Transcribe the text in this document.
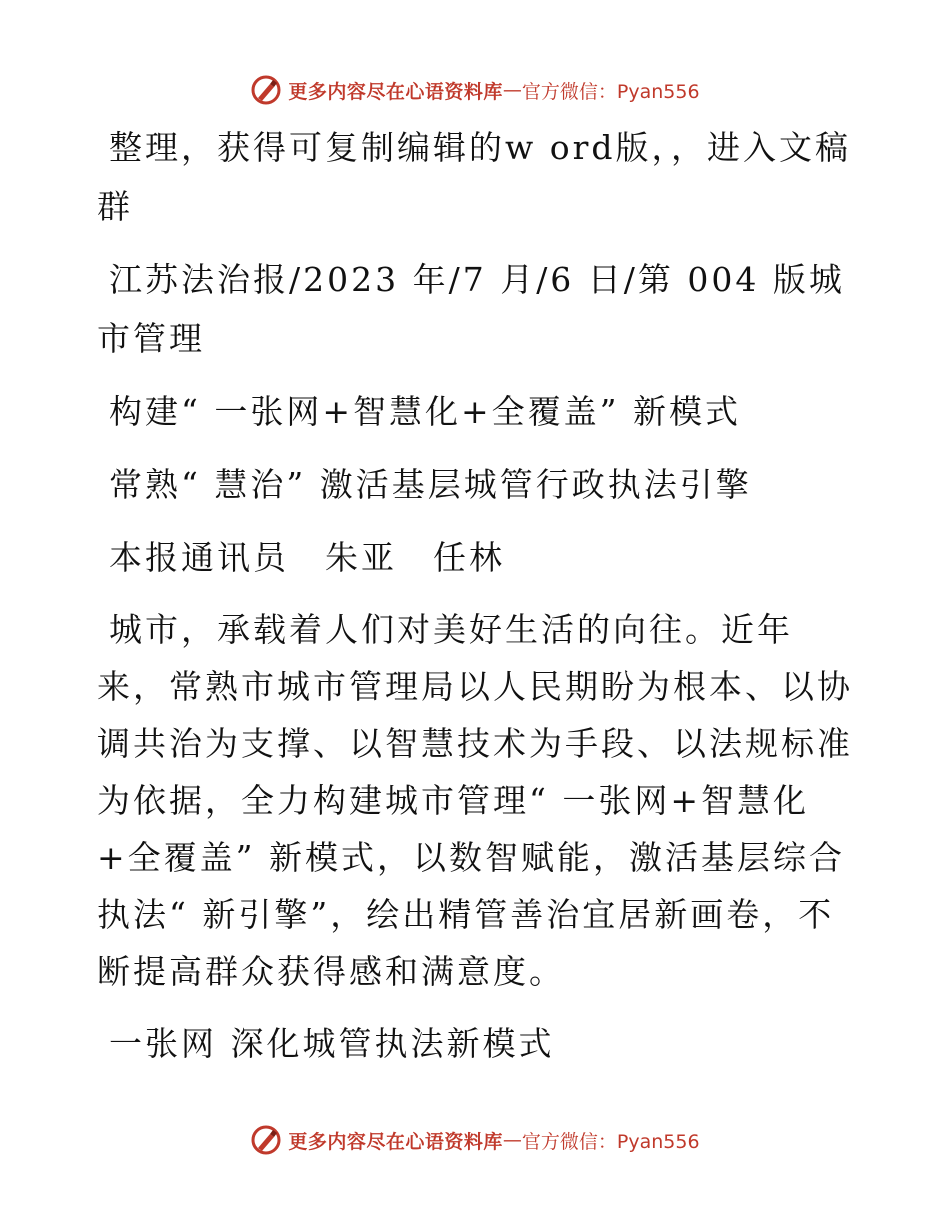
更多内容尽在心语资料库 — 官方微信：Pyan556

整理，获得可复制编辑的w ord版，，进入文稿群

江苏法治报/2023 年/7 月/6 日/第 004 版城市管理

构建“ 一张网+智慧化+全覆盖” 新模式

常熟“ 慧治” 激活基层城管行政执法引擎

本报通讯员　朱亚　任林

城市，承载着人们对美好生活的向往。近年来，常熟市城市管理局以人民期盼为根本、以协调共治为支撑、以智慧技术为手段、以法规标准为依据，全力构建城市管理“ 一张网+智慧化+全覆盖” 新模式，以数智赋能，激活基层综合执法“ 新引擎”，绘出精管善治宜居新画卷，不断提高群众获得感和满意度。

一张网 深化城管执法新模式

更多内容尽在心语资料库 — 官方微信：Pyan556
